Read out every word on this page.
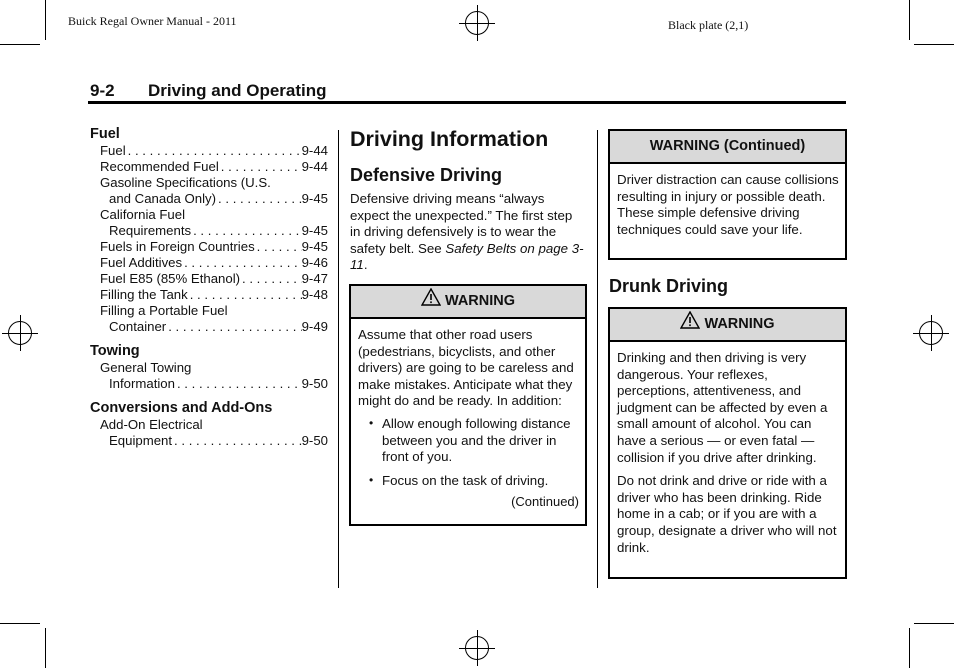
Buick Regal Owner Manual - 2011	Black plate (2,1)
9-2 Driving and Operating
Fuel
Fuel . . .	9-44
Recommended Fuel . . .	9-44
Gasoline Specifications (U.S.
and Canada Only) . . .	9-45
California Fuel
Requirements . . .	9-45
Fuels in Foreign Countries . . .	9-45
Fuel Additives . . .	9-46
Fuel E85 (85% Ethanol) . . .	9-47
Filling the Tank . . .	9-48
Filling a Portable Fuel
Container . . .	9-49
Towing
General Towing
Information . . .	9-50
Conversions and Add-Ons
Add-On Electrical
Equipment . . .	9-50
Driving Information
Defensive Driving
Defensive driving means “always expect the unexpected.” The first step in driving defensively is to wear the safety belt. See Safety Belts on page 3-11.
WARNING
Assume that other road users (pedestrians, bicyclists, and other drivers) are going to be careless and make mistakes. Anticipate what they might do and be ready. In addition:
• Allow enough following distance between you and the driver in front of you.
• Focus on the task of driving.
(Continued)
WARNING (Continued)
Driver distraction can cause collisions resulting in injury or possible death. These simple defensive driving techniques could save your life.
Drunk Driving
WARNING

Drinking and then driving is very dangerous. Your reflexes, perceptions, attentiveness, and judgment can be affected by even a small amount of alcohol. You can have a serious — or even fatal — collision if you drive after drinking.

Do not drink and drive or ride with a driver who has been drinking. Ride home in a cab; or if you are with a group, designate a driver who will not drink.
